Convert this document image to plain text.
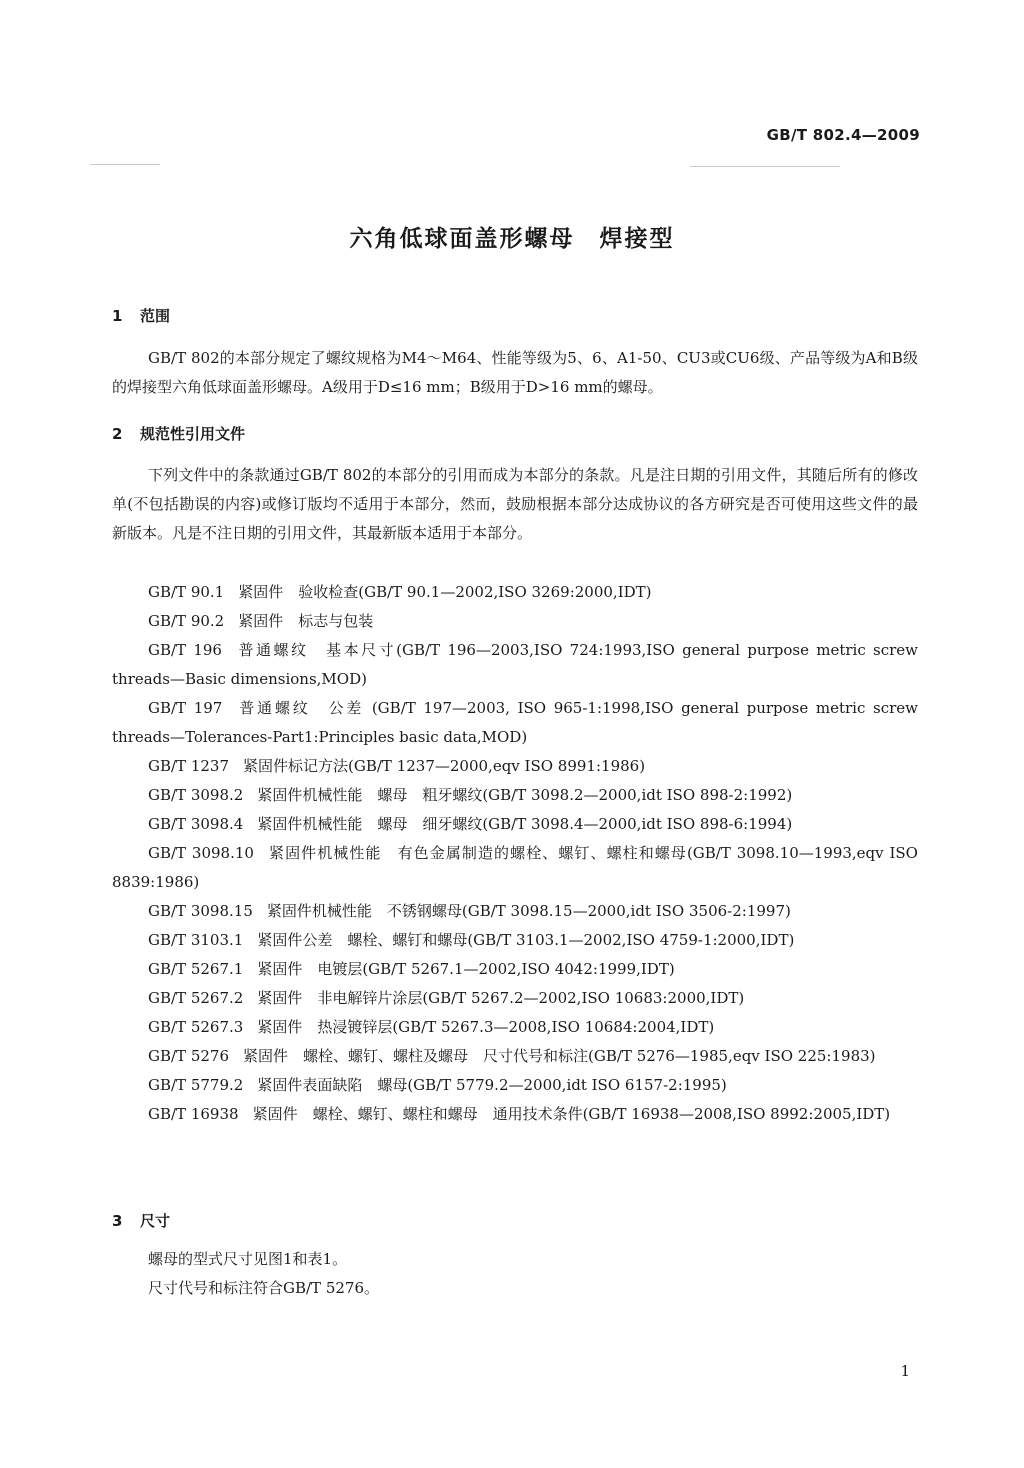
GB/T 802.4—2009
六角低球面盖形螺母　焊接型
1 范围

GB/T 802的本部分规定了螺纹规格为M4～M64、性能等级为5、6、A1-50、CU3或CU6级、产品等级为A和B级的焊接型六角低球面盖形螺母。A级用于D≤16 mm；B级用于D>16 mm的螺母。

2 规范性引用文件

下列文件中的条款通过GB/T 802的本部分的引用而成为本部分的条款。凡是注日期的引用文件，其随后所有的修改单(不包括勘误的内容)或修订版均不适用于本部分，然而，鼓励根据本部分达成协议的各方研究是否可使用这些文件的最新版本。凡是不注日期的引用文件，其最新版本适用于本部分。

GB/T 90.1 紧固件　验收检查(GB/T 90.1—2002,ISO 3269:2000,IDT)
GB/T 90.2 紧固件　标志与包装
GB/T 196 普通螺纹　基本尺寸(GB/T 196—2003,ISO 724:1993,ISO general purpose metric screw threads—Basic dimensions,MOD)
GB/T 197 普通螺纹　公差 (GB/T 197—2003, ISO 965-1:1998,ISO general purpose metric screw threads—Tolerances-Part1:Principles basic data,MOD)
GB/T 1237 紧固件标记方法(GB/T 1237—2000,eqv ISO 8991:1986)
GB/T 3098.2 紧固件机械性能　螺母　粗牙螺纹(GB/T 3098.2—2000,idt ISO 898-2:1992)
GB/T 3098.4 紧固件机械性能　螺母　细牙螺纹(GB/T 3098.4—2000,idt ISO 898-6:1994)
GB/T 3098.10 紧固件机械性能　有色金属制造的螺栓、螺钉、螺柱和螺母(GB/T 3098.10—1993,eqv ISO 8839:1986)
GB/T 3098.15 紧固件机械性能　不锈钢螺母(GB/T 3098.15—2000,idt ISO 3506-2:1997)
GB/T 3103.1 紧固件公差　螺栓、螺钉和螺母(GB/T 3103.1—2002,ISO 4759-1:2000,IDT)
GB/T 5267.1 紧固件　电镀层(GB/T 5267.1—2002,ISO 4042:1999,IDT)
GB/T 5267.2 紧固件　非电解锌片涂层(GB/T 5267.2—2002,ISO 10683:2000,IDT)
GB/T 5267.3 紧固件　热浸镀锌层(GB/T 5267.3—2008,ISO 10684:2004,IDT)
GB/T 5276 紧固件　螺栓、螺钉、螺柱及螺母　尺寸代号和标注(GB/T 5276—1985,eqv ISO 225:1983)
GB/T 5779.2 紧固件表面缺陷　螺母(GB/T 5779.2—2000,idt ISO 6157-2:1995)
GB/T 16938 紧固件　螺栓、螺钉、螺柱和螺母　通用技术条件(GB/T 16938—2008,ISO 8992:2005,IDT)
3 尺寸

螺母的型式尺寸见图1和表1。

尺寸代号和标注符合GB/T 5276。

1
